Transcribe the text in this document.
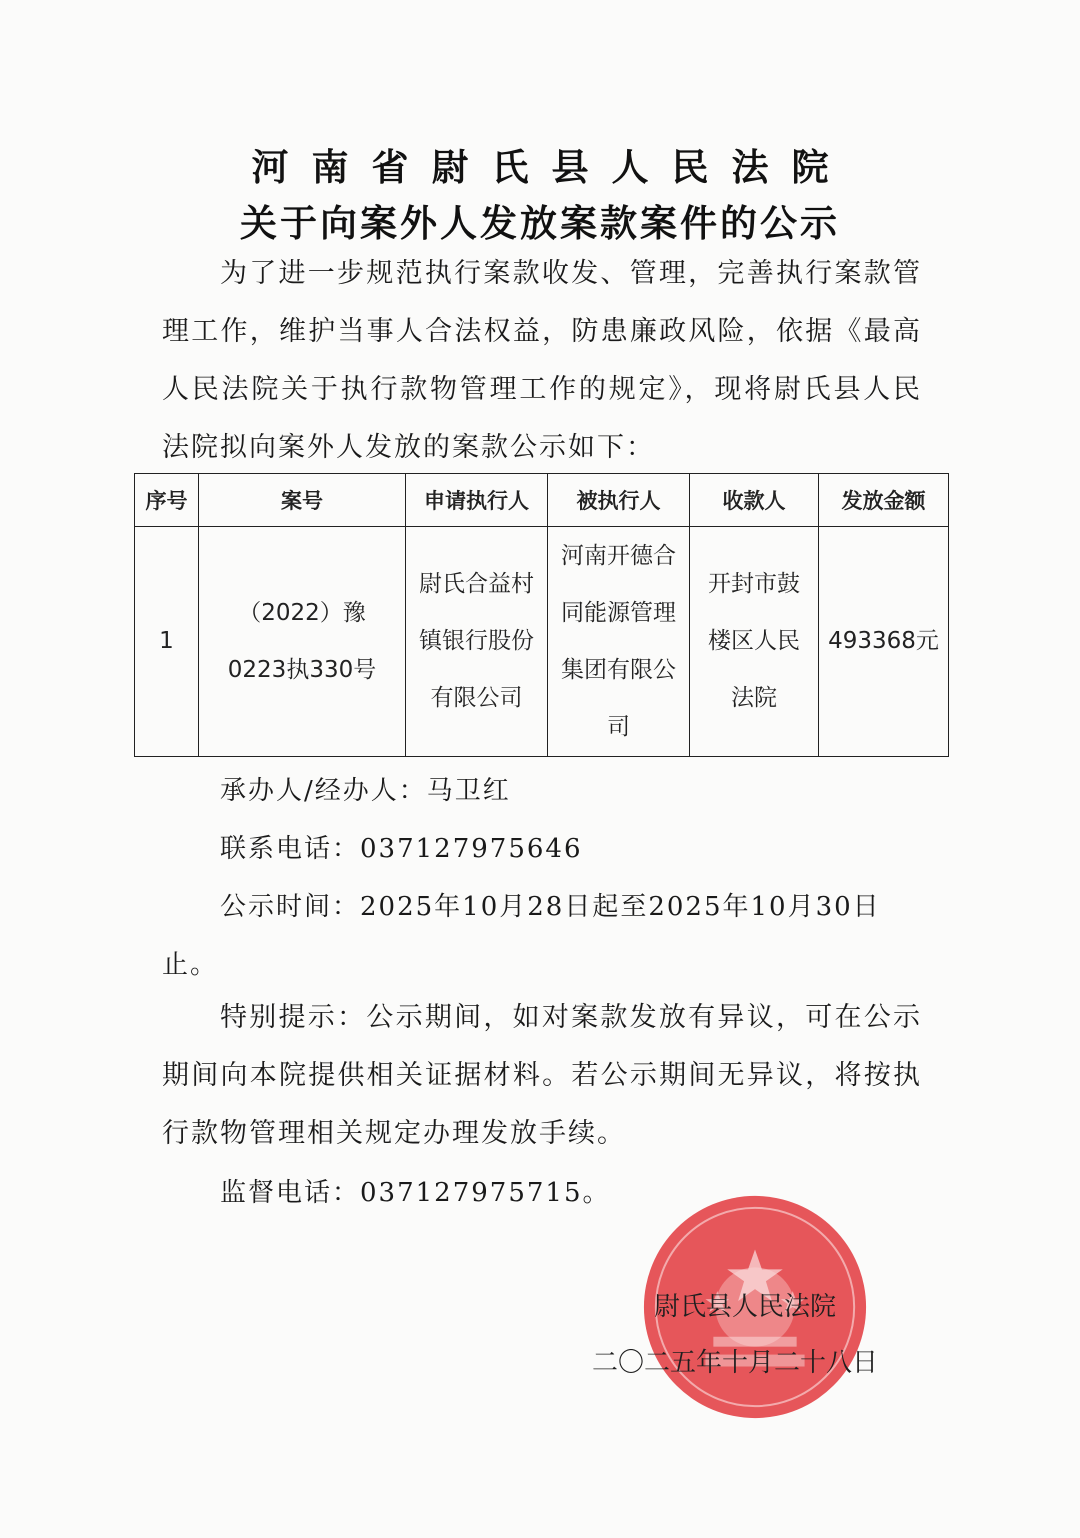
河南省尉氏县人民法院
关于向案外人发放案款案件的公示

为了进一步规范执行案款收发、管理，完善执行案款管理工作，维护当事人合法权益，防患廉政风险，依据《最高人民法院关于执行款物管理工作的规定》，现将尉氏县人民法院拟向案外人发放的案款公示如下：

序号	案号	申请执行人	被执行人	收款人	发放金额
1	（2022）豫0223执330号	尉氏合益村镇银行股份有限公司	河南开德合同能源管理集团有限公司	开封市鼓楼区人民法院	493368元
承办人/经办人：马卫红
联系电话：037127975646
公示时间：2025年10月28日起至2025年10月30日
止。

特别提示：公示期间，如对案款发放有异议，可在公示期间向本院提供相关证据材料。若公示期间无异议，将按执行款物管理相关规定办理发放手续。

监督电话：037127975715。
尉氏县人民法院
二〇二五年十月二十八日
